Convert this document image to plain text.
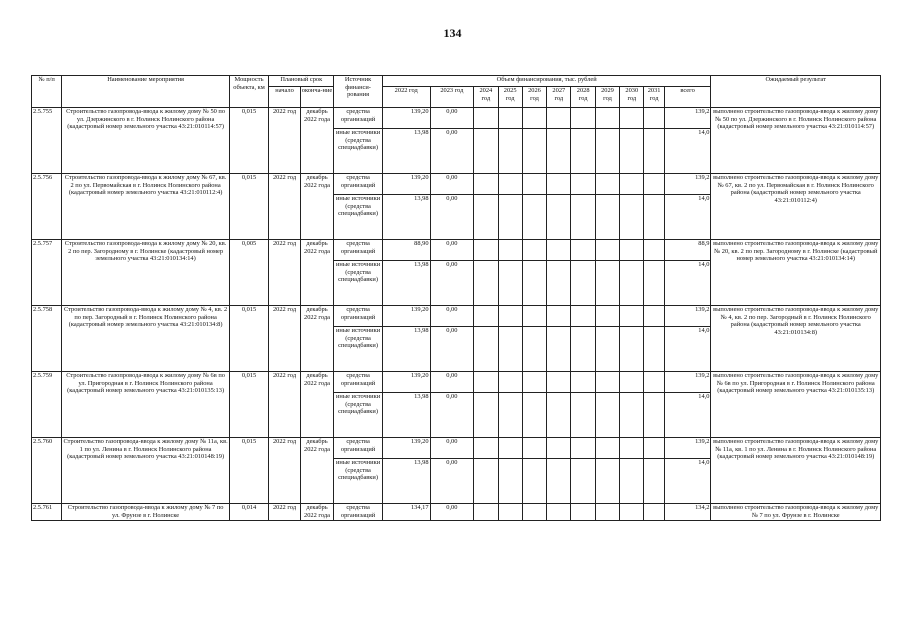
134
№ п/п	Наименование мероприятия	Мощность объекта, км	Плановый срок		Источник финанси-рования	Объем финансирования, тыс. рублей											Ожидаемый результат
			начало	оконча-ние		2022 год	2023 год	2024 год	2025 год	2026 год	2027 год	2028 год	2029 год	2030 год	2031 год	всего	
2.5.755	Строительство газопровода-ввода к жилому дому № 50 по ул. Дзержинского в г. Нолинск Нолинского района (кадастровый номер земельного участка 43:21:010114:57)	0,015	2022 год	декабрь 2022 года	средства организаций	139,20	0,00									139,2	выполнено строительство газопровода-ввода к жилому дому № 50 по ул. Дзержинского в г. Нолинск Нолинского района (кадастровый номер земельного участка 43:21:010114:57)
					иные источники (средства специадбавки)	13,98	0,00									14,0	
2.5.756	Строительство газопровода-ввода к жилому дому № 67, кв. 2 по ул. Первомайская в г. Нолинск Нолинского района (кадастровый номер земельного участка 43:21:010112:4)	0,015	2022 год	декабрь 2022 года	средства организаций	139,20	0,00									139,2	выполнено строительство газопровода-ввода к жилому дому № 67, кв. 2 по ул. Первомайская в г. Нолинск Нолинского района (кадастровый номер земельного участка 43:21:010112:4)
					иные источники (средства специадбавки)	13,98	0,00									14,0	
2.5.757	Строительство газопровода-ввода к жилому дому № 20, кв. 2 по пер. Загородному в г. Нолинске (кадастровый номер земельного участка 43:21:010134:14)	0,005	2022 год	декабрь 2022 года	средства организаций	88,90	0,00									88,9	выполнено строительство газопровода-ввода к жилому дому № 20, кв. 2 по пер. Загородному в г. Нолинске (кадастровый номер земельного участка 43:21:010134:14)
					иные источники (средства специадбавки)	13,98	0,00									14,0	
2.5.758	Строительство газопровода-ввода к жилому дому № 4, кв. 2 по пер. Загородный в г. Нолинск Нолинского района (кадастровый номер земельного участка 43:21:010134:8)	0,015	2022 год	декабрь 2022 года	средства организаций	139,20	0,00									139,2	выполнено строительство газопровода-ввода к жилому дому № 4, кв. 2 по пер. Загородный в г. Нолинск Нолинского района (кадастровый номер земельного участка 43:21:010134:8)
					иные источники (средства специадбавки)	13,98	0,00									14,0	
2.5.759	Строительство газопровода-ввода к жилому дому № 6в по ул. Пригородная в г. Нолинск Нолинского района (кадастровый номер земельного участка 43:21:010135:13)	0,015	2022 год	декабрь 2022 года	средства организаций	139,20	0,00									139,2	выполнено строительство газопровода-ввода к жилому дому № 6в по ул. Пригородная в г. Нолинск Нолинского района (кадастровый номер земельного участка 43:21:010135:13)
					иные источники (средства специадбавки)	13,98	0,00									14,0	
2.5.760	Строительство газопровода-ввода к жилому дому № 11а, кв. 1 по ул. Ленина в г. Нолинск Нолинского района (кадастровый номер земельного участка 43:21:010148:19)	0,015	2022 год	декабрь 2022 года	средства организаций	139,20	0,00									139,2	выполнено строительство газопровода-ввода к жилому дому № 11а, кв. 1 по ул. Ленина в г. Нолинск Нолинского района (кадастровый номер земельного участка 43:21:010148:19)
					иные источники (средства специадбавки)	13,98	0,00									14,0	
2.5.761	Строительство газопровода-ввода к жилому дому № 7 по ул. Фрунзе в г. Нолинске	0,014	2022 год	декабрь 2022 года	средства организаций	134,17	0,00									134,2	выполнено строительство газопровода-ввода к жилому дому № 7 по ул. Фрунзе в г. Нолинске
